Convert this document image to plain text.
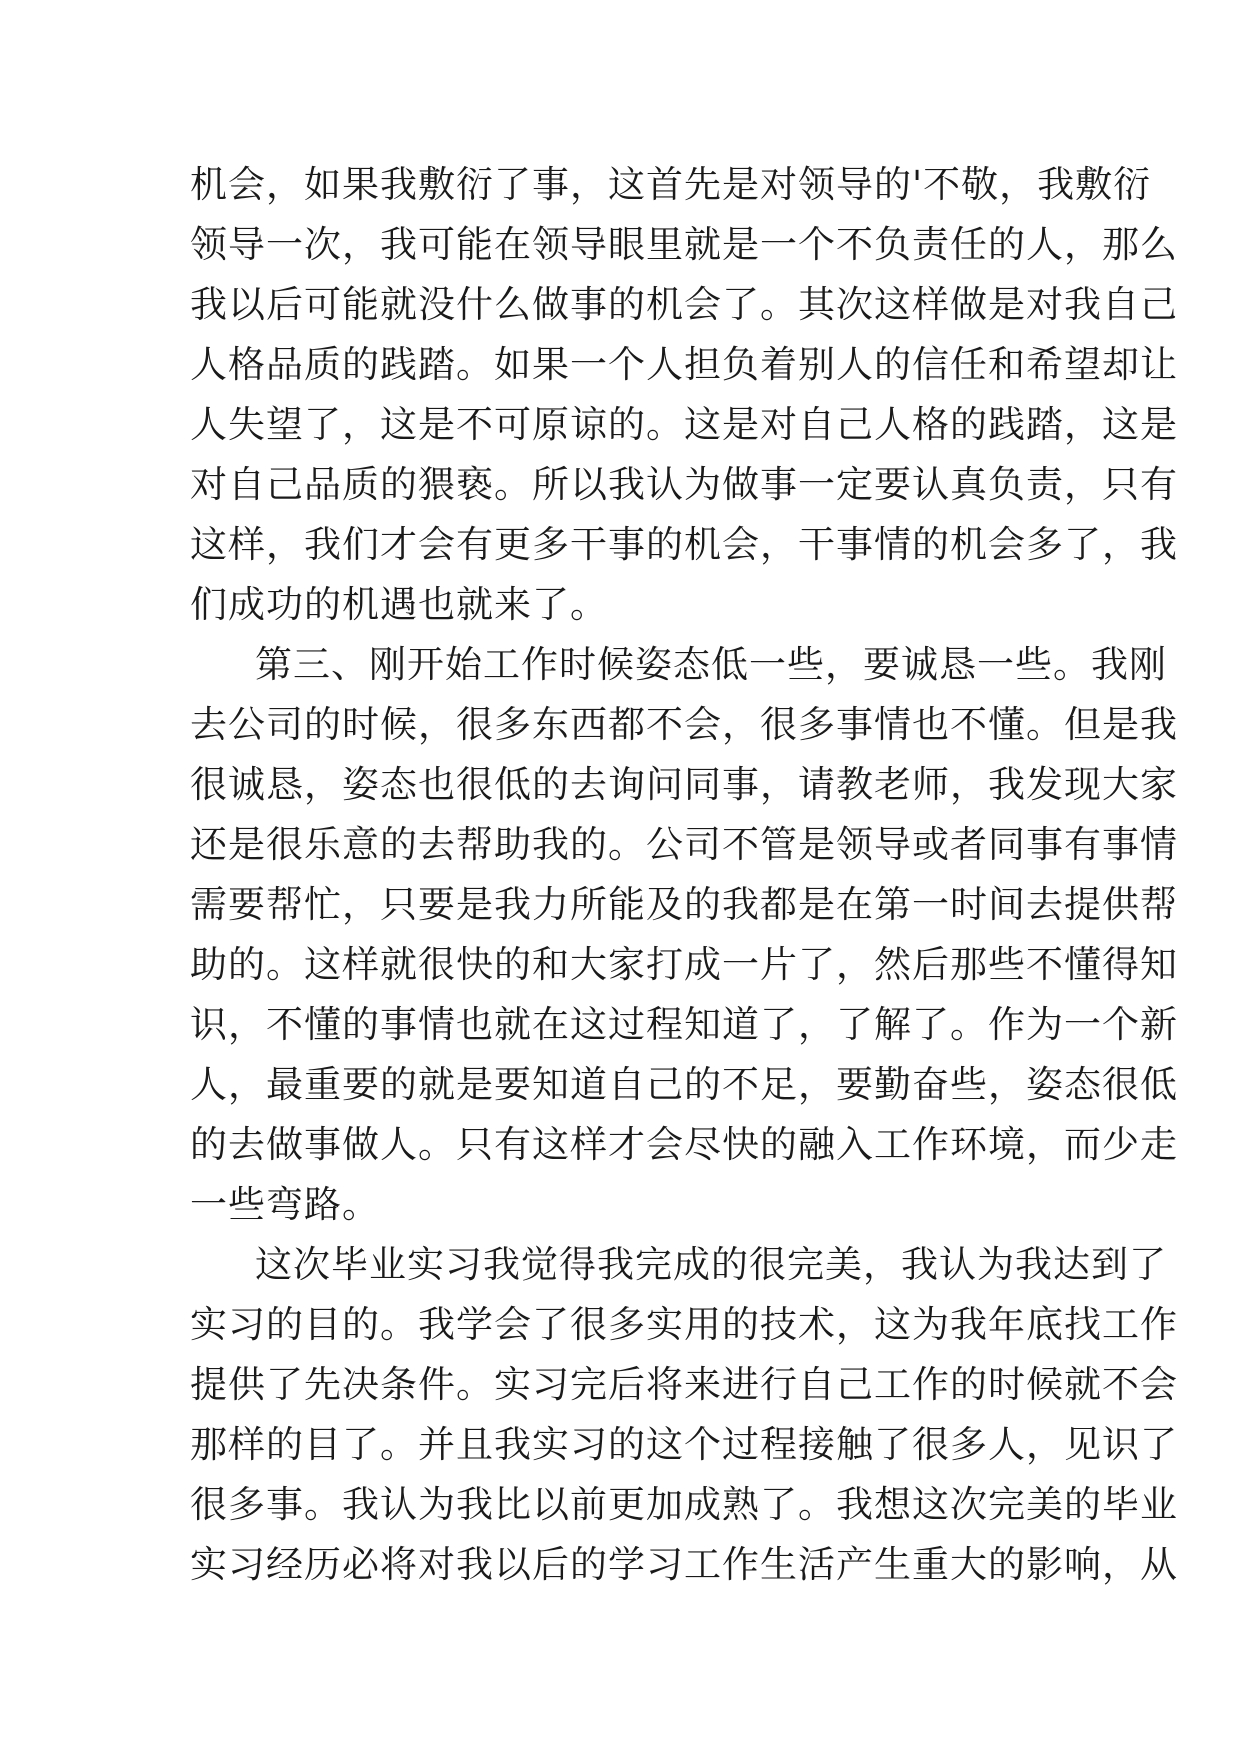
机会，如果我敷衍了事，这首先是对领导的'不敬，我敷衍
领导一次，我可能在领导眼里就是一个不负责任的人，那么
我以后可能就没什么做事的机会了。其次这样做是对我自己
人格品质的践踏。如果一个人担负着别人的信任和希望却让
人失望了，这是不可原谅的。这是对自己人格的践踏，这是
对自己品质的猥亵。所以我认为做事一定要认真负责，只有
这样，我们才会有更多干事的机会，干事情的机会多了，我
们成功的机遇也就来了。
第三、刚开始工作时候姿态低一些，要诚恳一些。我刚
去公司的时候，很多东西都不会，很多事情也不懂。但是我
很诚恳，姿态也很低的去询问同事，请教老师，我发现大家
还是很乐意的去帮助我的。公司不管是领导或者同事有事情
需要帮忙，只要是我力所能及的我都是在第一时间去提供帮
助的。这样就很快的和大家打成一片了，然后那些不懂得知
识，不懂的事情也就在这过程知道了，了解了。作为一个新
人，最重要的就是要知道自己的不足，要勤奋些，姿态很低
的去做事做人。只有这样才会尽快的融入工作环境，而少走
一些弯路。
这次毕业实习我觉得我完成的很完美，我认为我达到了
实习的目的。我学会了很多实用的技术，这为我年底找工作
提供了先决条件。实习完后将来进行自己工作的时候就不会
那样的目了。并且我实习的这个过程接触了很多人，见识了
很多事。我认为我比以前更加成熟了。我想这次完美的毕业
实习经历必将对我以后的学习工作生活产生重大的影响，从
